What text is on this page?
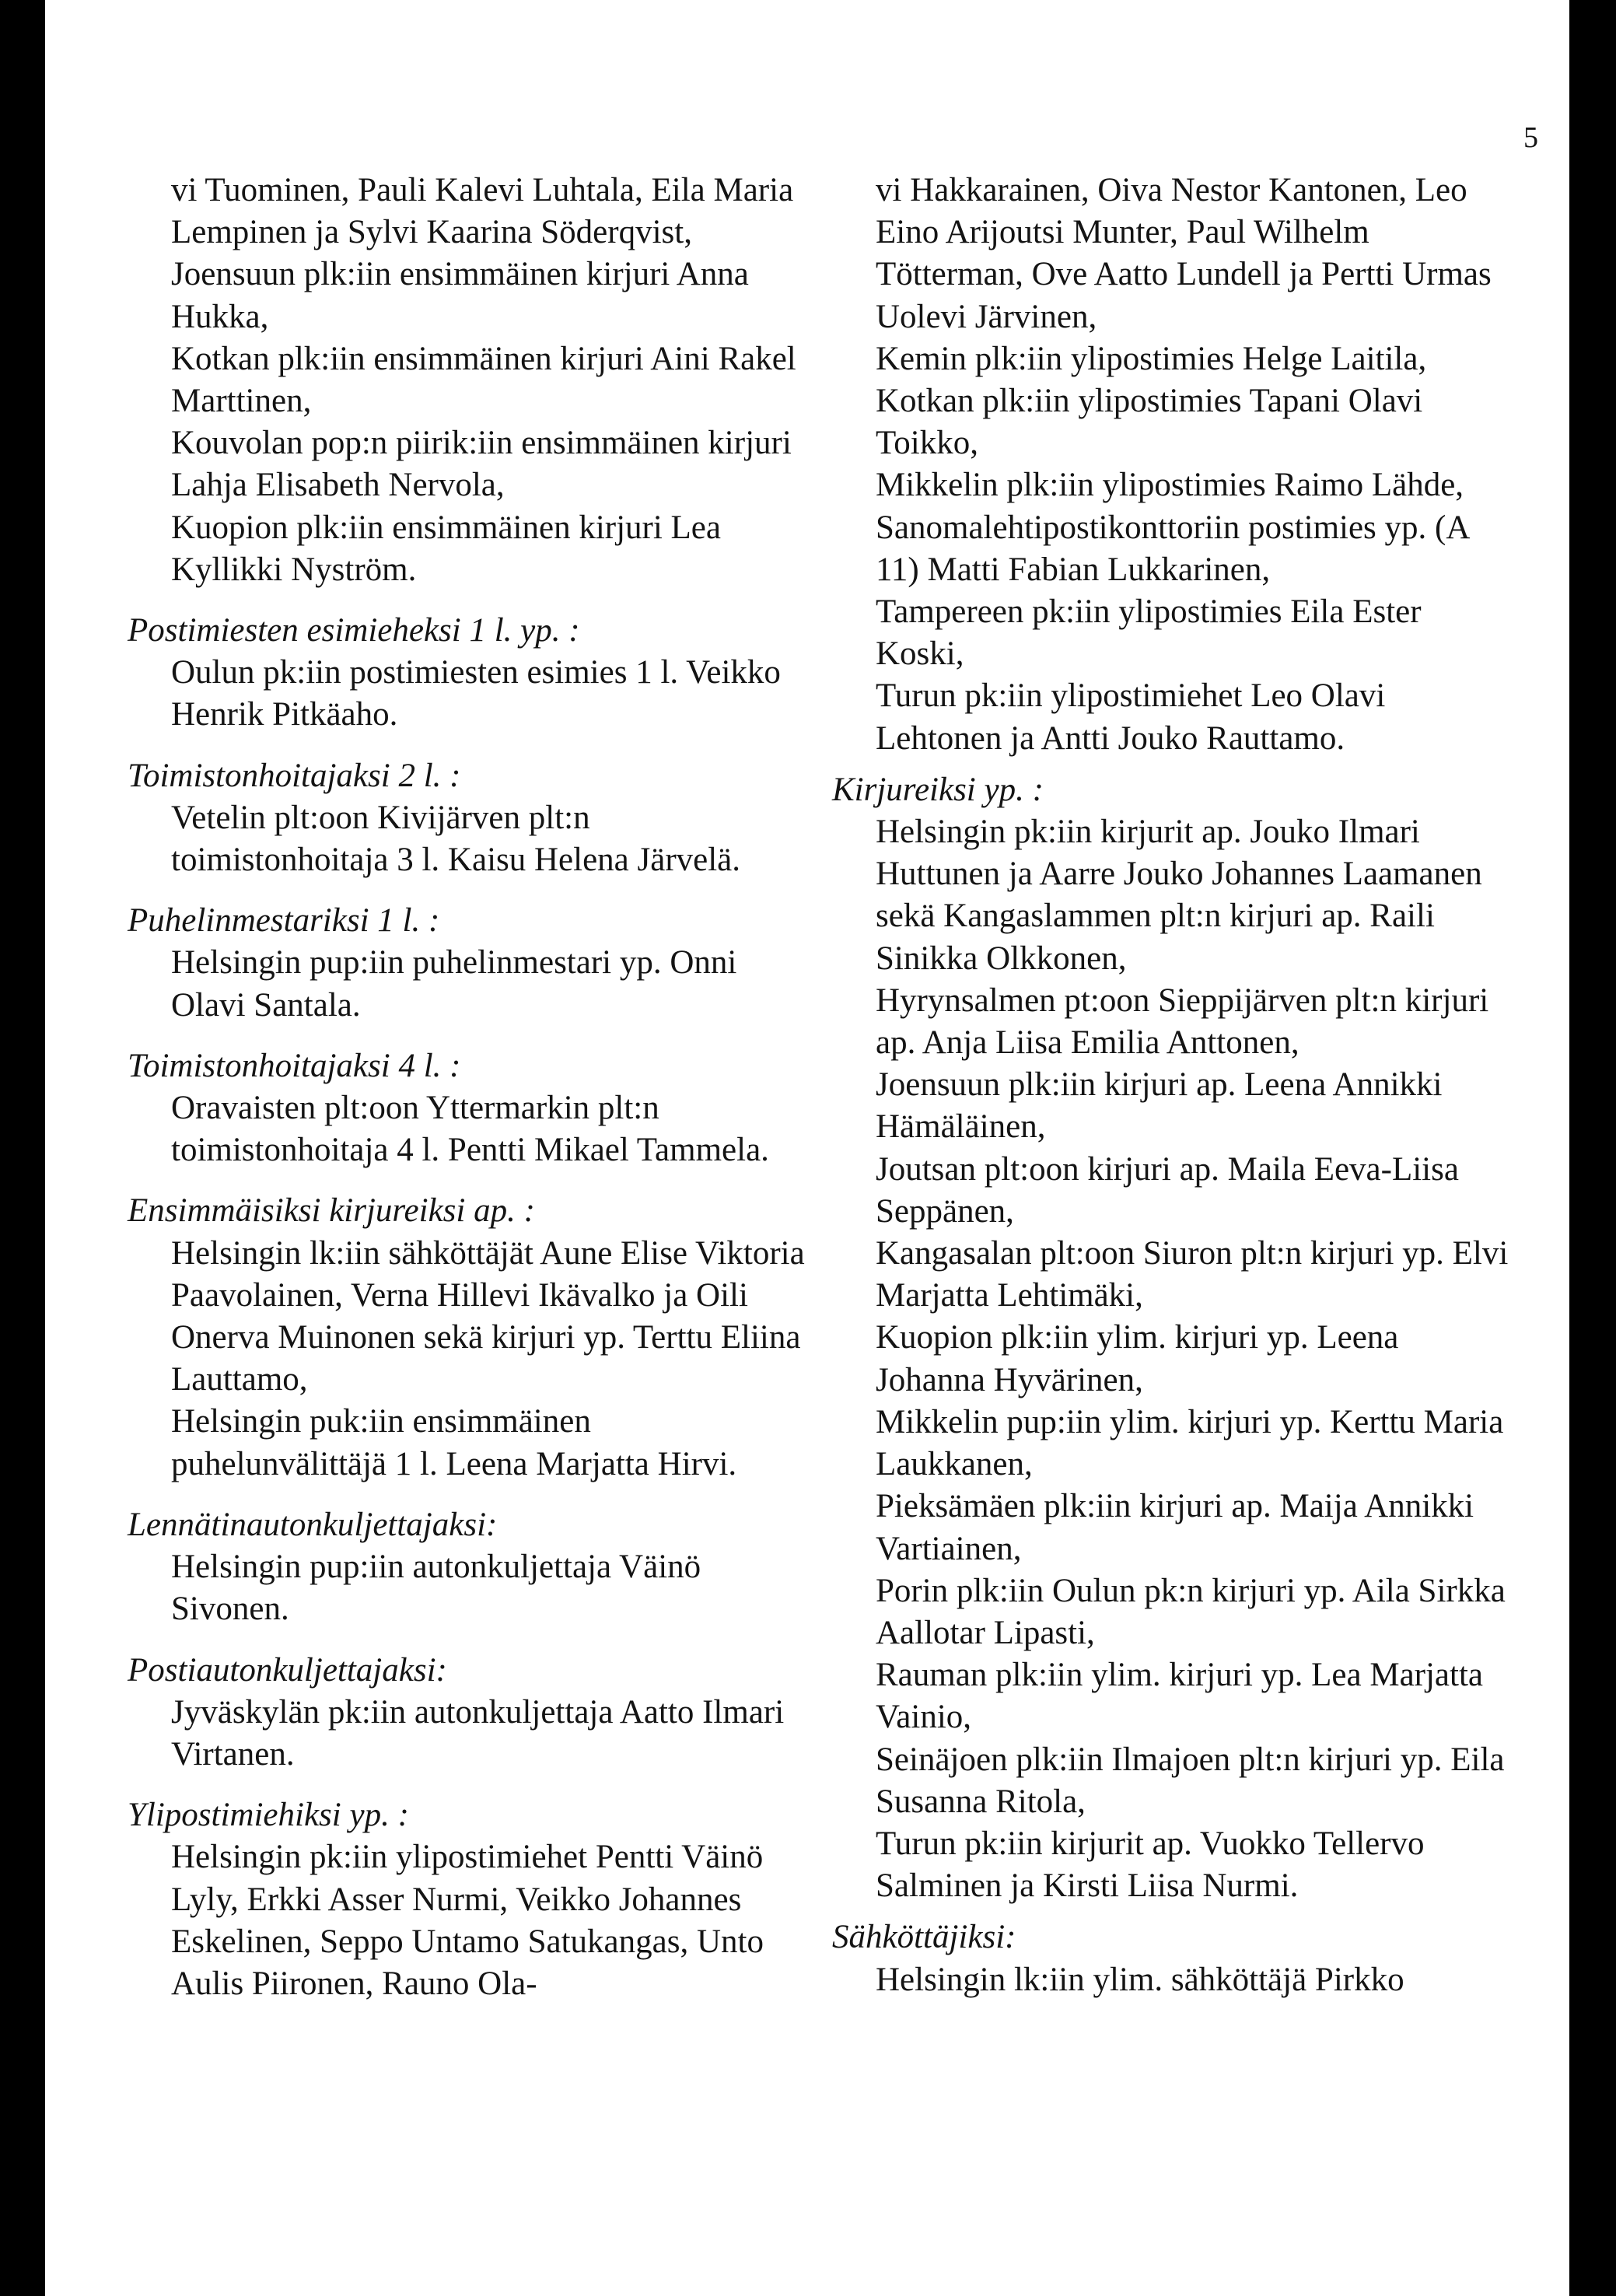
5

vi Tuominen, Pauli Kalevi Luhtala, Eila Maria Lempinen ja Sylvi Kaarina Söderqvist,

Joensuun plk:iin ensimmäinen kirjuri Anna Hukka,

Kotkan plk:iin ensimmäinen kirjuri Aini Rakel Marttinen,

Kouvolan pop:n piirik:iin ensimmäinen kirjuri Lahja Elisabeth Nervola,

Kuopion plk:iin ensimmäinen kirjuri Lea Kyllikki Nyström.

Postimiesten esimieheksi 1 l. yp. :

Oulun pk:iin postimiesten esimies 1 l. Veikko Henrik Pitkäaho.

Toimistonhoitajaksi 2 l. :

Vetelin plt:oon Kivijärven plt:n toimistonhoitaja 3 l. Kaisu Helena Järvelä.

Puhelinmestariksi 1 l. :

Helsingin pup:iin puhelinmestari yp. Onni Olavi Santala.

Toimistonhoitajaksi 4 l. :

Oravaisten plt:oon Yttermarkin plt:n toimistonhoitaja 4 l. Pentti Mikael Tammela.

Ensimmäisiksi kirjureiksi ap. :

Helsingin lk:iin sähköttäjät Aune Elise Viktoria Paavolainen, Verna Hillevi Ikävalko ja Oili Onerva Muinonen sekä kirjuri yp. Terttu Eliina Lauttamo,

Helsingin puk:iin ensimmäinen puhelunvälittäjä 1 l. Leena Marjatta Hirvi.

Lennätinautonkuljettajaksi:

Helsingin pup:iin autonkuljettaja Väinö Sivonen.

Postiautonkuljettajaksi:

Jyväskylän pk:iin autonkuljettaja Aatto Ilmari Virtanen.

Ylipostimiehiksi yp. :

Helsingin pk:iin ylipostimiehet Pentti Väinö Lyly, Erkki Asser Nurmi, Veikko Johannes Eskelinen, Seppo Untamo Satukangas, Unto Aulis Piironen, Rauno Ola-

vi Hakkarainen, Oiva Nestor Kantonen, Leo Eino Arijoutsi Munter, Paul Wilhelm Tötterman, Ove Aatto Lundell ja Pertti Urmas Uolevi Järvinen,

Kemin plk:iin ylipostimies Helge Laitila,

Kotkan plk:iin ylipostimies Tapani Olavi Toikko,

Mikkelin plk:iin ylipostimies Raimo Lähde,

Sanomalehtipostikonttoriin postimies yp. (A 11) Matti Fabian Lukkarinen,

Tampereen pk:iin ylipostimies Eila Ester Koski,

Turun pk:iin ylipostimiehet Leo Olavi Lehtonen ja Antti Jouko Rauttamo.

Kirjureiksi yp. :

Helsingin pk:iin kirjurit ap. Jouko Ilmari Huttunen ja Aarre Jouko Johannes Laamanen sekä Kangaslammen plt:n kirjuri ap. Raili Sinikka Olkkonen,

Hyrynsalmen pt:oon Sieppijärven plt:n kirjuri ap. Anja Liisa Emilia Anttonen,

Joensuun plk:iin kirjuri ap. Leena Annikki Hämäläinen,

Joutsan plt:oon kirjuri ap. Maila Eeva-Liisa Seppänen,

Kangasalan plt:oon Siuron plt:n kirjuri yp. Elvi Marjatta Lehtimäki,

Kuopion plk:iin ylim. kirjuri yp. Leena Johanna Hyvärinen,

Mikkelin pup:iin ylim. kirjuri yp. Kerttu Maria Laukkanen,

Pieksämäen plk:iin kirjuri ap. Maija Annikki Vartiainen,

Porin plk:iin Oulun pk:n kirjuri yp. Aila Sirkka Aallotar Lipasti,

Rauman plk:iin ylim. kirjuri yp. Lea Marjatta Vainio,

Seinäjoen plk:iin Ilmajoen plt:n kirjuri yp. Eila Susanna Ritola,

Turun pk:iin kirjurit ap. Vuokko Tellervo Salminen ja Kirsti Liisa Nurmi.

Sähköttäjiksi:

Helsingin lk:iin ylim. sähköttäjä Pirkko
